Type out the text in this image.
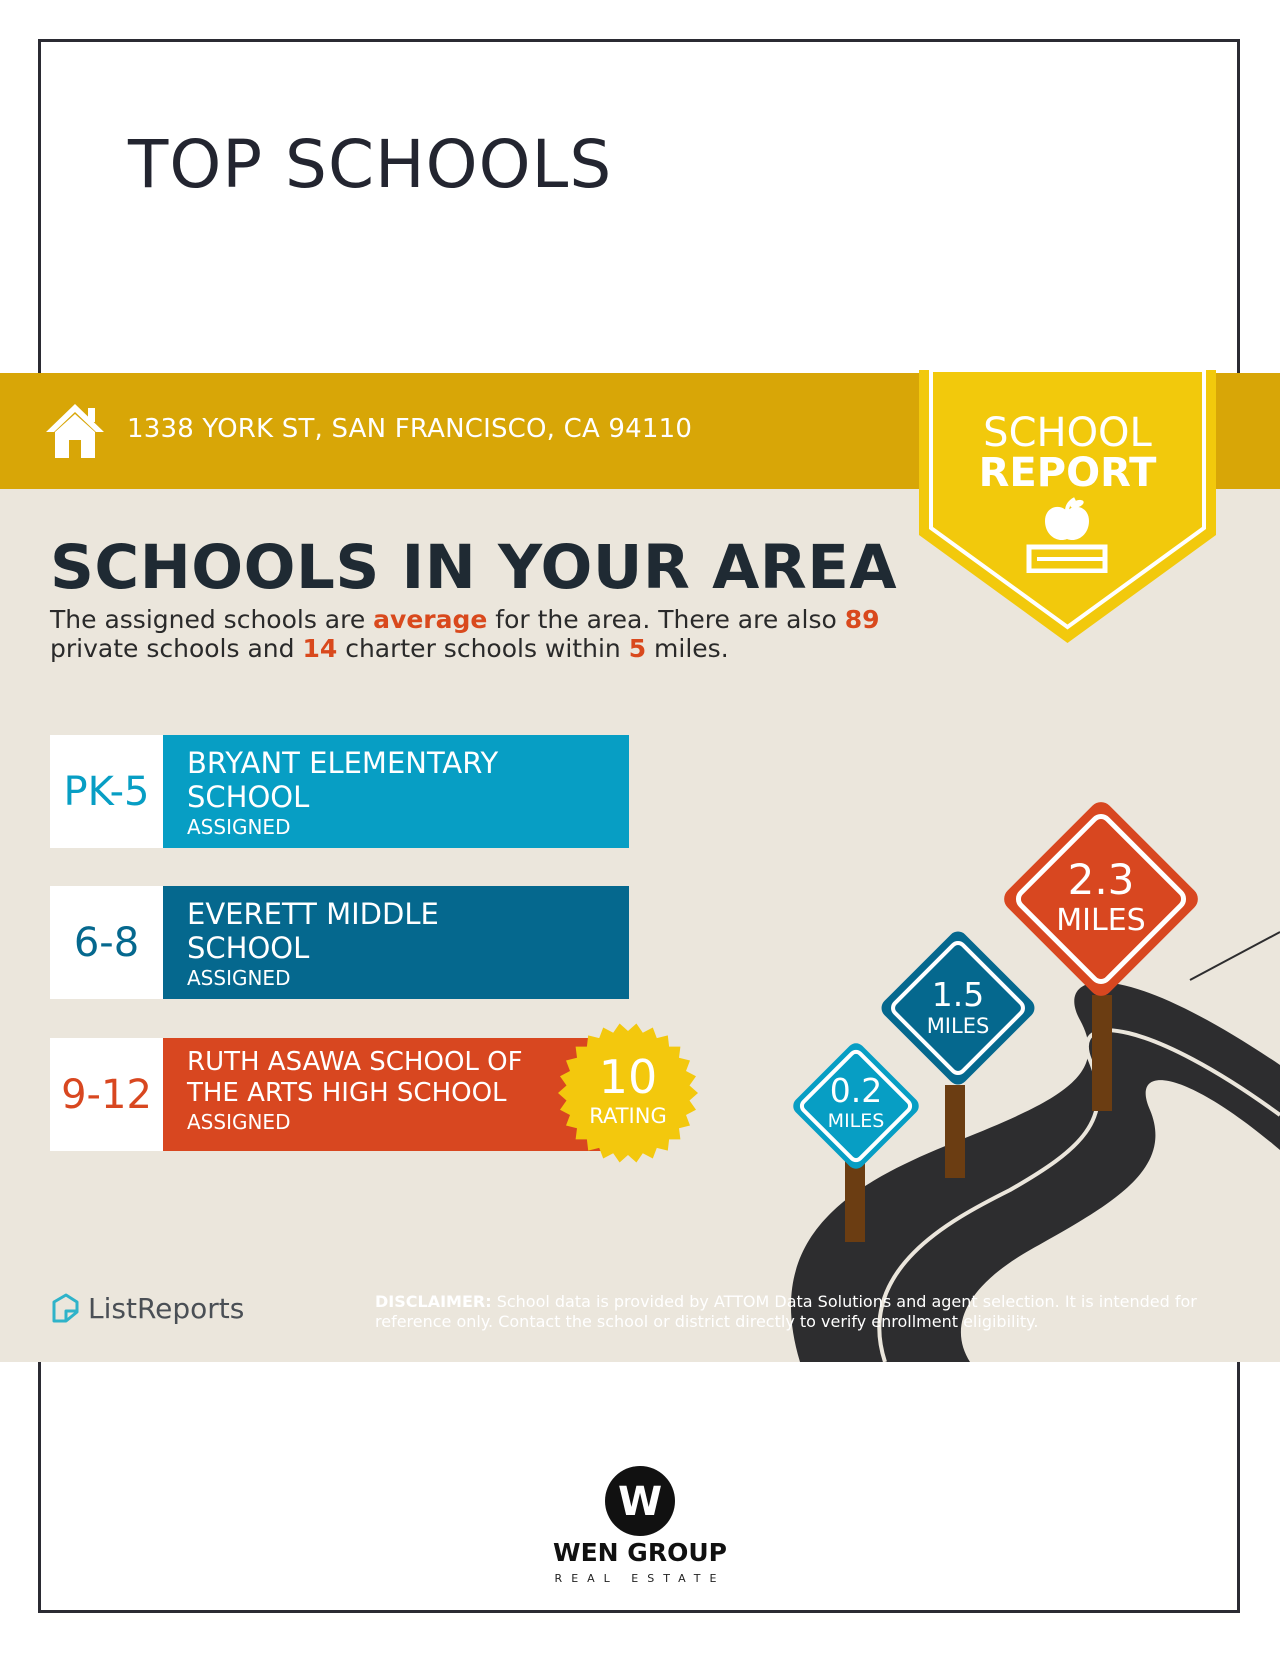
TOP SCHOOLS
1338 YORK ST, SAN FRANCISCO, CA 94110	SCHOOL
REPORT
SCHOOLS IN YOUR AREA
The assigned schools are average for the area. There are also 89
private schools and 14 charter schools within 5 miles.
PK-5
BRYANT ELEMENTARY
SCHOOL
ASSIGNED
6-8
EVERETT MIDDLE
SCHOOL
ASSIGNED
9-12
RUTH ASAWA SCHOOL OF
THE ARTS HIGH SCHOOL
ASSIGNED
10
RATING
0.2
MILES
1.5
MILES
2.3
MILES
ListReports	DISCLAIMER: School data is provided by ATTOM Data Solutions and agent selection. It is intended for reference only. Contact the school or district directly to verify enrollment eligibility.
W
WEN GROUP
REAL ESTATE
